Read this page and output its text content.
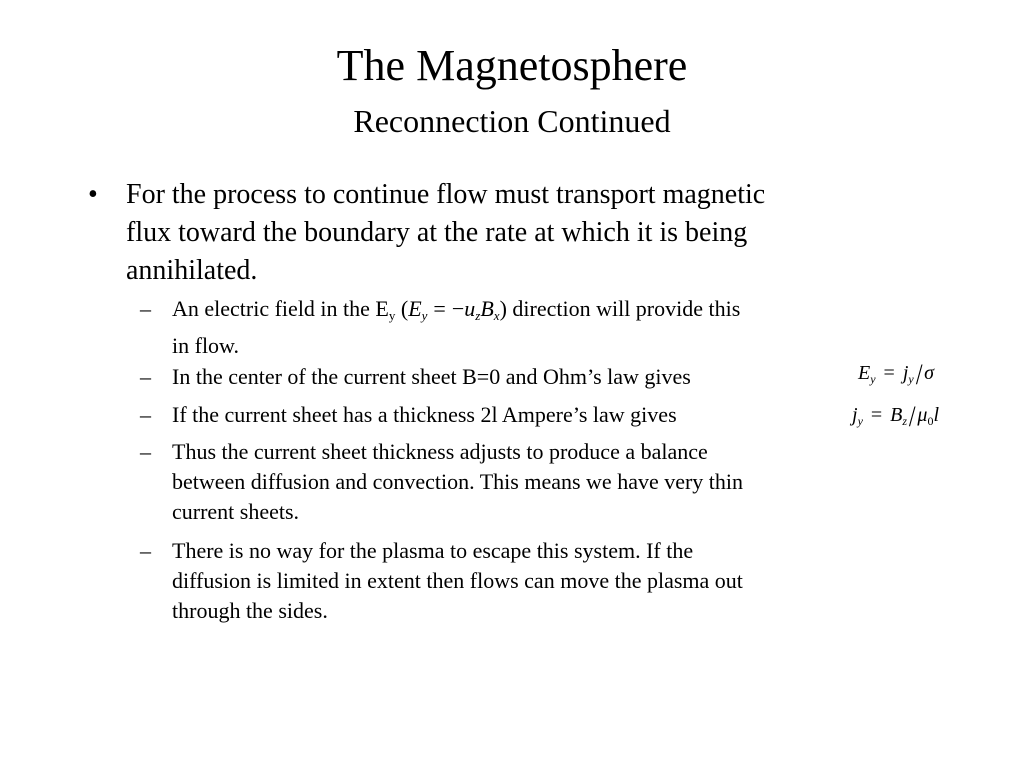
The Magnetosphere
Reconnection Continued
• For the process to continue flow must transport magnetic
flux toward the boundary at the rate at which it is being
annihilated.
– An electric field in the Ey (Ey = −uzBx) direction will provide this
in flow.
– In the center of the current sheet B=0 and Ohm’s law gives	$E_y = j_y/\sigma$
– If the current sheet has a thickness 2l Ampere’s law gives	$j_y = B_z/\mu_0l$
– Thus the current sheet thickness adjusts to produce a balance
between diffusion and convection. This means we have very thin
current sheets.
– There is no way for the plasma to escape this system. If the
diffusion is limited in extent then flows can move the plasma out
through the sides.
